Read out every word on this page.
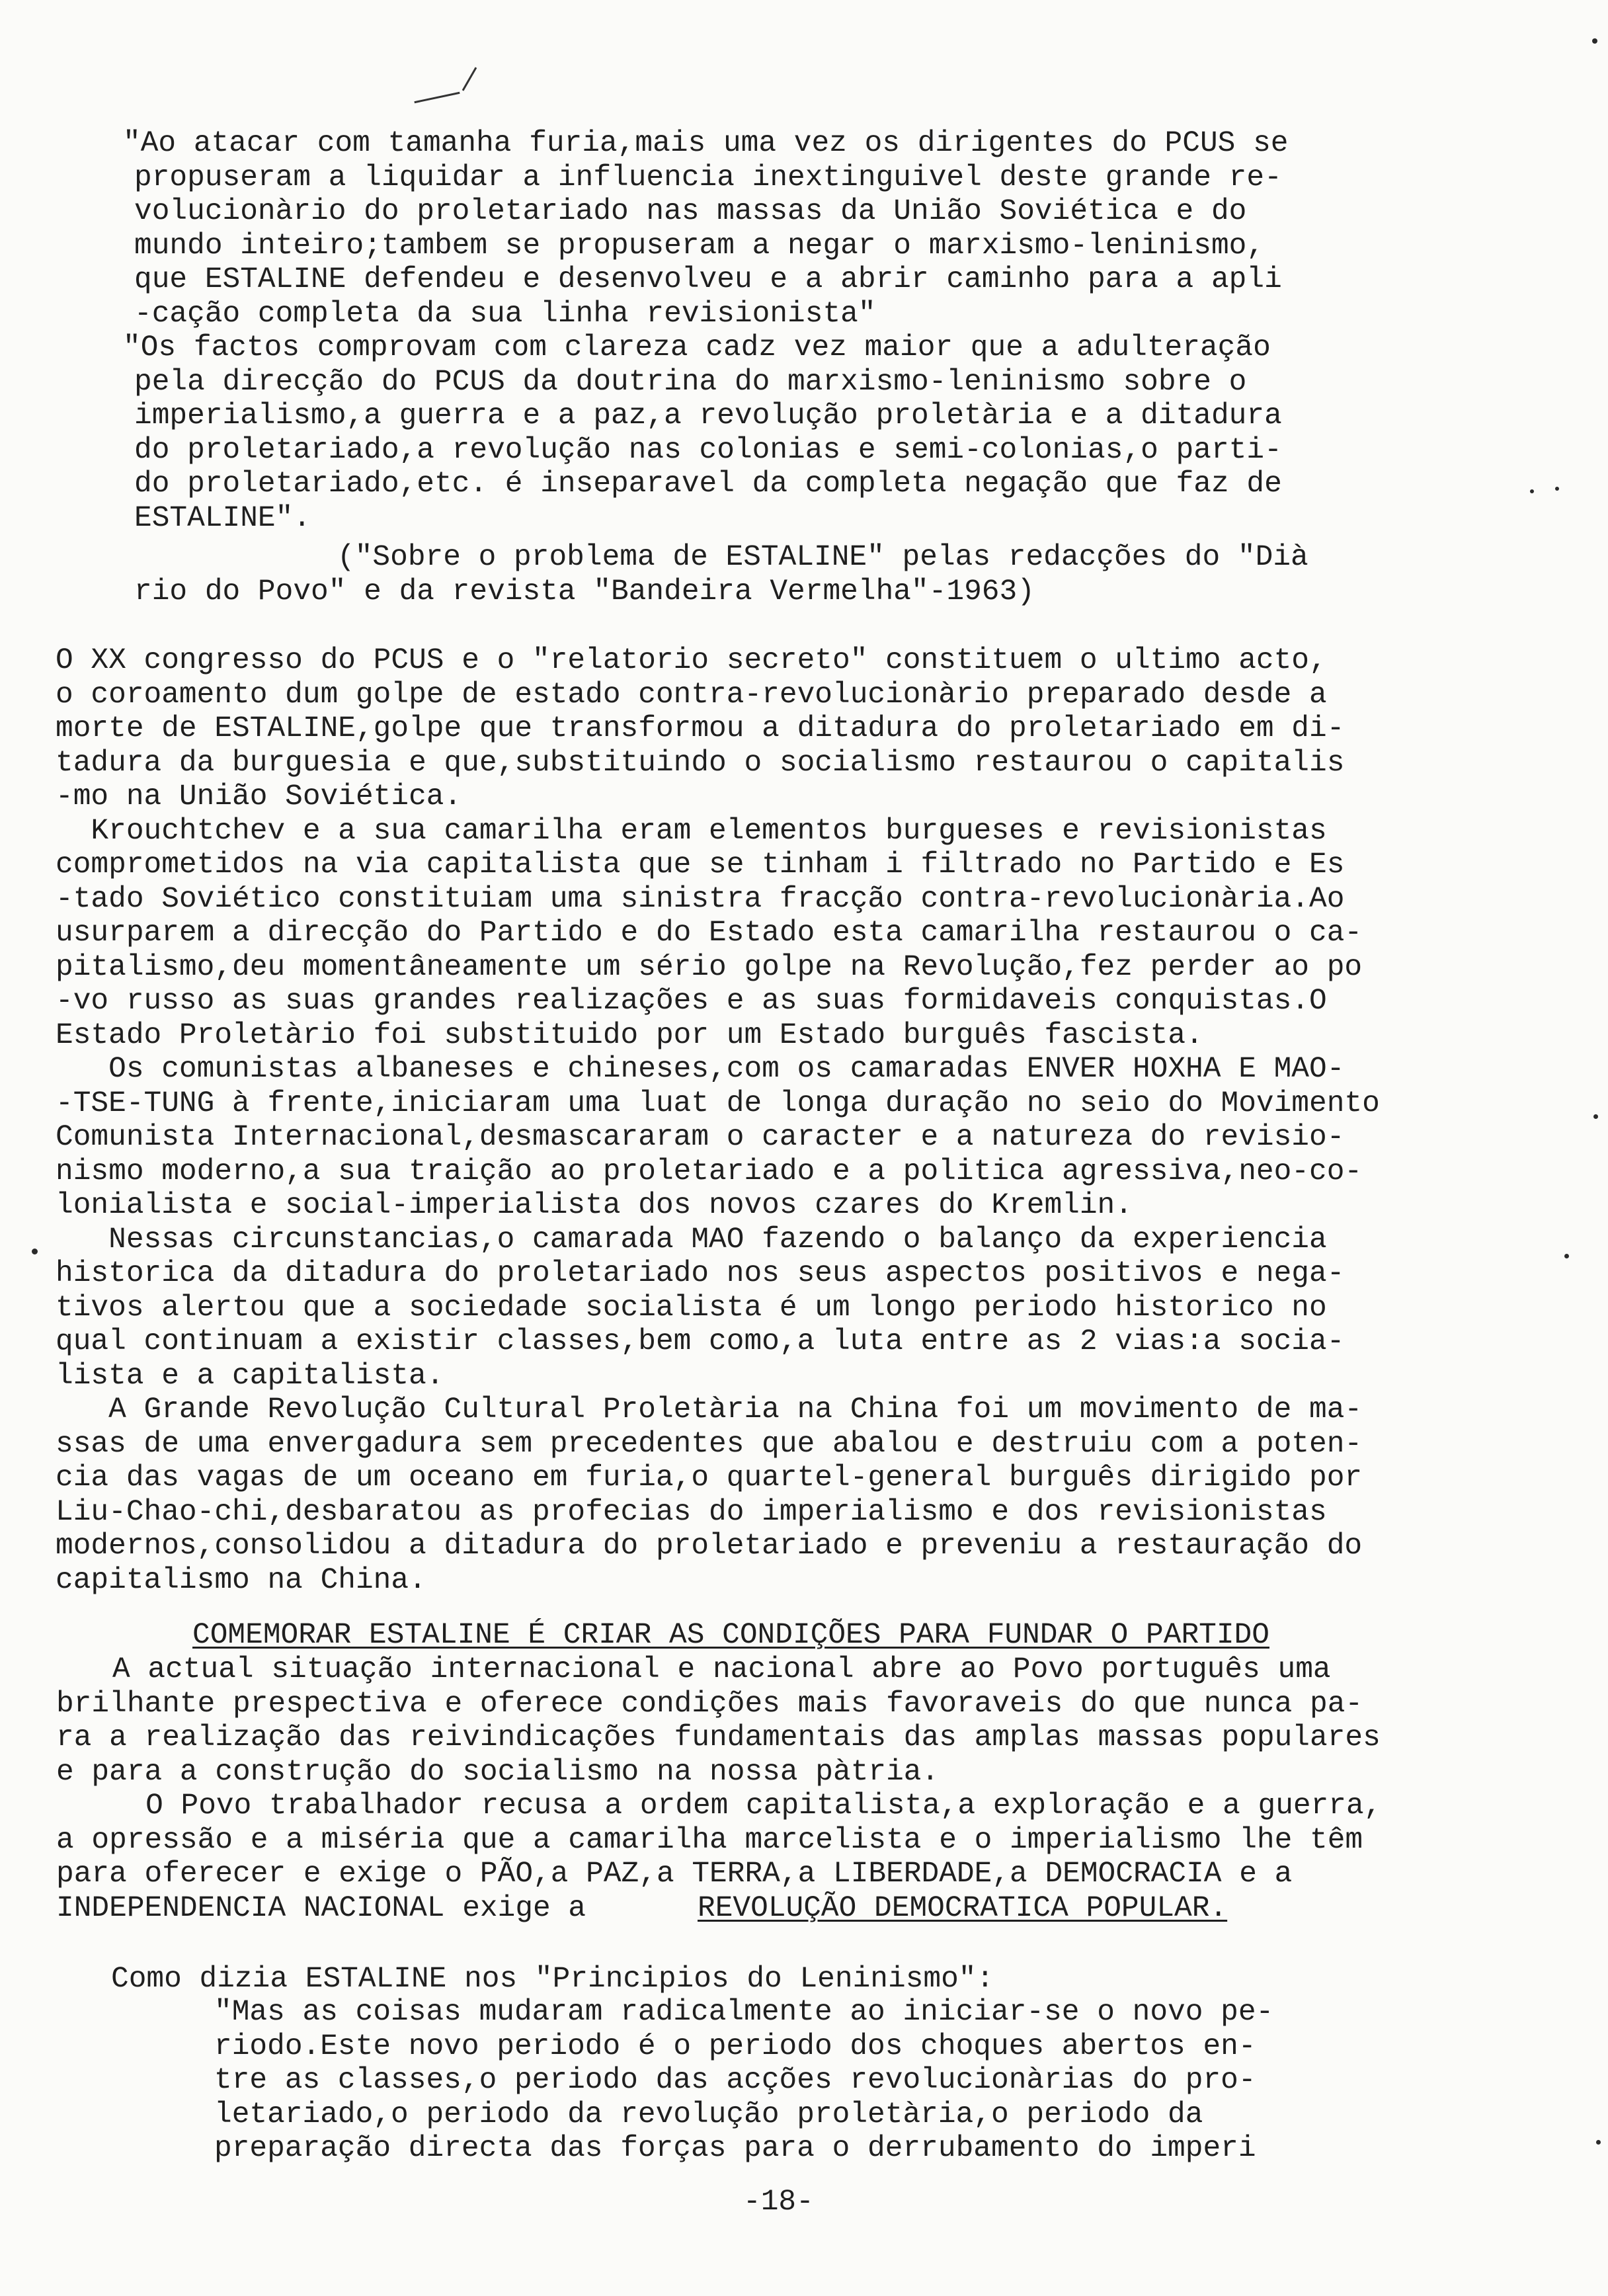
"Ao atacar com tamanha furia,mais uma vez os dirigentes do PCUS se
propuseram a liquidar a influencia inextinguivel deste grande re-
volucionàrio do proletariado nas massas da União Soviética e do
mundo inteiro;tambem se propuseram a negar o marxismo-leninismo,
que ESTALINE defendeu e desenvolveu e a abrir caminho para a apli
-cação completa da sua linha revisionista"
"Os factos comprovam com clareza cadz vez maior que a adulteração
pela direcção do PCUS da doutrina do marxismo-leninismo sobre o
imperialismo,a guerra e a paz,a revolução proletària e a ditadura
do proletariado,a revolução nas colonias e semi-colonias,o parti-
do proletariado,etc. é inseparavel da completa negação que faz de
ESTALINE".
("Sobre o problema de ESTALINE" pelas redacções do "Dià
rio do Povo" e da revista "Bandeira Vermelha"-1963)
O XX congresso do PCUS e o "relatorio secreto" constituem o ultimo acto,
o coroamento dum golpe de estado contra-revolucionàrio preparado desde a
morte de ESTALINE,golpe que transformou a ditadura do proletariado em di-
tadura da burguesia e que,substituindo o socialismo restaurou o capitalis
-mo na União Soviética.
Krouchtchev e a sua camarilha eram elementos burgueses e revisionistas
comprometidos na via capitalista que se tinham i filtrado no Partido e Es
-tado Soviético constituiam uma sinistra fracção contra-revolucionària.Ao
usurparem a direcção do Partido e do Estado esta camarilha restaurou o ca-
pitalismo,deu momentâneamente um sério golpe na Revolução,fez perder ao po
-vo russo as suas grandes realizações e as suas formidaveis conquistas.O
Estado Proletàrio foi substituido por um Estado burguês fascista.
Os comunistas albaneses e chineses,com os camaradas ENVER HOXHA E MAO-
-TSE-TUNG à frente,iniciaram uma luat de longa duração no seio do Movimento
Comunista Internacional,desmascararam o caracter e a natureza do revisio-
nismo moderno,a sua traição ao proletariado e a politica agressiva,neo-co-
lonialista e social-imperialista dos novos czares do Kremlin.
Nessas circunstancias,o camarada MAO fazendo o balanço da experiencia
historica da ditadura do proletariado nos seus aspectos positivos e nega-
tivos alertou que a sociedade socialista é um longo periodo historico no
qual continuam a existir classes,bem como,a luta entre as 2 vias:a socia-
lista e a capitalista.
A Grande Revolução Cultural Proletària na China foi um movimento de ma-
ssas de uma envergadura sem precedentes que abalou e destruiu com a poten-
cia das vagas de um oceano em furia,o quartel-general burguês dirigido por
Liu-Chao-chi,desbaratou as profecias do imperialismo e dos revisionistas
modernos,consolidou a ditadura do proletariado e preveniu a restauração do
capitalismo na China.
COMEMORAR ESTALINE É CRIAR AS CONDIÇÕES PARA FUNDAR O PARTIDO
A actual situação internacional e nacional abre ao Povo português uma
brilhante prespectiva e oferece condições mais favoraveis do que nunca pa-
ra a realização das reivindicações fundamentais das amplas massas populares
e para a construção do socialismo na nossa pàtria.
O Povo trabalhador recusa a ordem capitalista,a exploração e a guerra,
a opressão e a miséria que a camarilha marcelista e o imperialismo lhe têm
para oferecer e exige o PÃO,a PAZ,a TERRA,a LIBERDADE,a DEMOCRACIA e a
INDEPENDENCIA NACIONAL exige a	REVOLUÇÃO DEMOCRATICA POPULAR.
Como dizia ESTALINE nos "Principios do Leninismo":
"Mas as coisas mudaram radicalmente ao iniciar-se o novo pe-
riodo.Este novo periodo é o periodo dos choques abertos en-
tre as classes,o periodo das acções revolucionàrias do pro-
letariado,o periodo da revolução proletària,o periodo da
preparação directa das forças para o derrubamento do imperi
-18-
